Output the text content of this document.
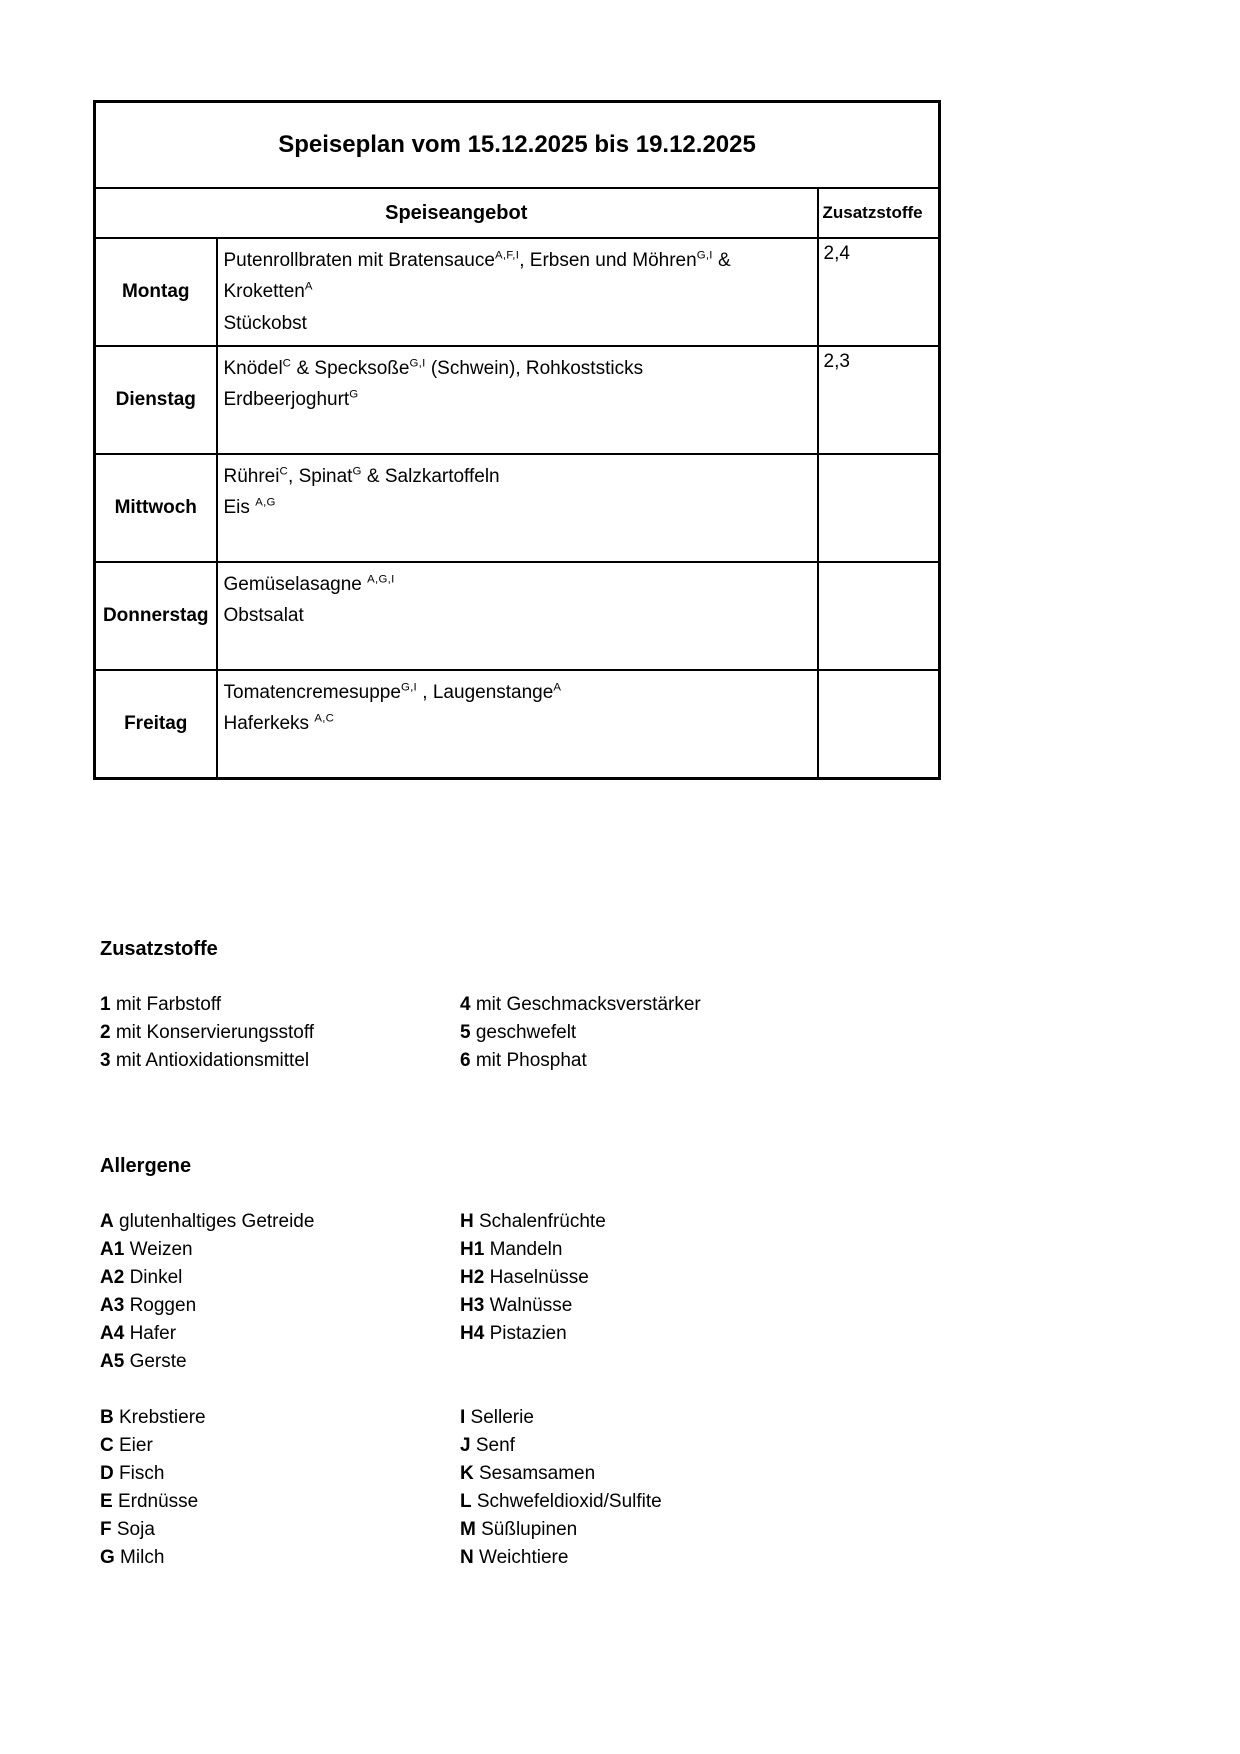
Speiseplan vom 15.12.2025 bis 19.12.2025		
Speiseangebot		Zusatzstoffe
Montag	Putenrollbraten mit Bratensauce$^{A,F,I}$, Erbsen und Möhren$^{G,I}$ & Kroketten$^A$
Stückobst	2,4
Dienstag	Knödel$^C$ & Specksoße$^{G,I}$ (Schwein), Rohkoststicks
Erdbeerjoghurt$^G$	2,3
Mittwoch	Rührei$^C$, Spinat$^G$ & Salzkartoffeln
Eis $^{A,G}$

Donnerstag	Gemüselasagne $^{A,G,I}$
Obstsalat	

Freitag	Tomatencremesuppe$^{G,I}$ , Laugenstange$^A$
Haferkeks $^{A,C}$

Zusatzstoffe
1 mit Farbstoff
2 mit Konservierungsstoff
3 mit Antioxidationsmittel
4 mit Geschmacksverstärker
5 geschwefelt
6 mit Phosphat
Allergene
A glutenhaltiges Getreide
A1 Weizen
A2 Dinkel
A3 Roggen
A4 Hafer
A5 Gerste
H Schalenfrüchte
H1 Mandeln
H2 Haselnüsse
H3 Walnüsse
H4 Pistazien
B Krebstiere
C Eier
D Fisch
E Erdnüsse
F Soja
G Milch
I Sellerie
J Senf
K Sesamsamen
L Schwefeldioxid/Sulfite
M Süßlupinen
N Weichtiere
